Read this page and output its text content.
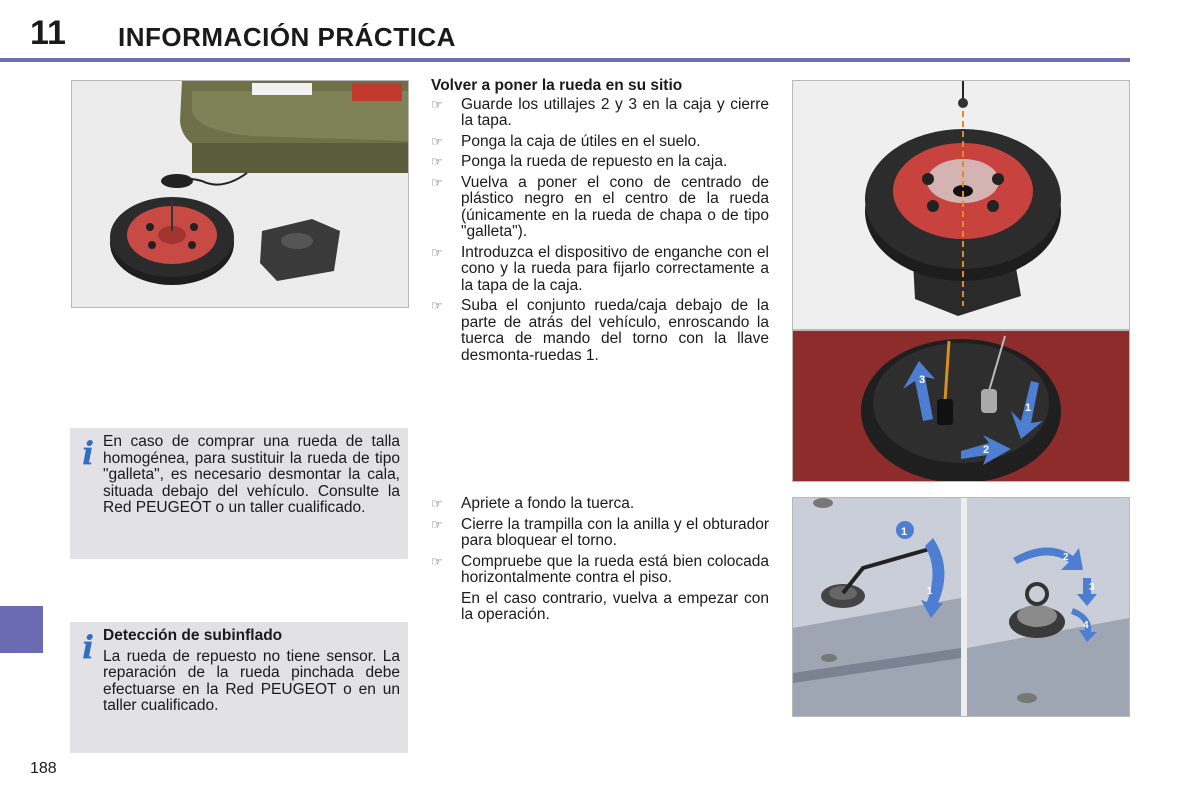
11 INFORMACIÓN PRÁCTICA
i En caso de comprar una rueda de talla homogénea, para sustituir la rueda de tipo "galleta", es necesario desmontar la cala, situada debajo del vehículo. Consulte la Red PEUGEOT o un taller cualificado.
i Detección de subinflado
La rueda de repuesto no tiene sensor. La reparación de la rueda pinchada debe efectuarse en la Red PEUGEOT o en un taller cualificado.
Volver a poner la rueda en su sitio
☞ Guarde los utillajes 2 y 3 en la caja y cierre la tapa.
☞ Ponga la caja de útiles en el suelo.
☞ Ponga la rueda de repuesto en la caja.
☞ Vuelva a poner el cono de centrado de plástico negro en el centro de la rueda (únicamente en la rueda de chapa o de tipo "galleta").
☞ Introduzca el dispositivo de enganche con el cono y la rueda para fijarlo correctamente a la tapa de la caja.
☞ Suba el conjunto rueda/caja debajo de la parte de atrás del vehículo, enroscando la tuerca de mando del torno con la llave desmonta-ruedas 1.
☞ Apriete a fondo la tuerca.
☞ Cierre la trampilla con la anilla y el obturador para bloquear el torno.
☞ Compruebe que la rueda está bien colocada horizontalmente contra el piso.
En el caso contrario, vuelva a empezar con la operación.
3
1
2
1
1
2
3
4
188
